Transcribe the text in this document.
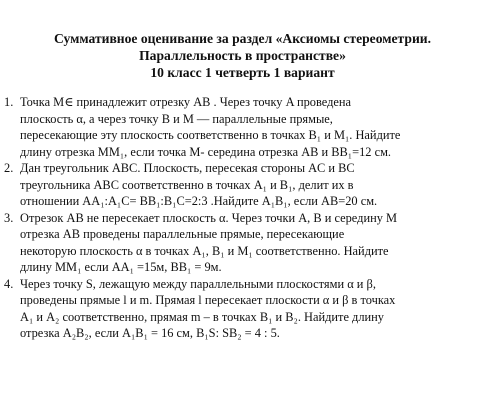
Суммативное оценивание за раздел «Аксиомы стереометрии.
Параллельность в пространстве»
10 класс 1 четверть 1 вариант
1. Точка M∈ принадлежит отрезку AB . Через точку A проведена
плоскость α, а через точку B и M — параллельные прямые,
пересекающие эту плоскость соответственно в точках B₁ и M₁. Найдите
длину отрезка MM₁, если точка M- середина отрезка AB и BB₁=12 см.
2. Дан треугольник ABC. Плоскость, пересекая стороны AC и BC
треугольника ABC соответственно в точках A₁ и B₁, делит их в
отношении AA₁:A₁C= BB₁:B₁C=2:3 .Найдите A₁B₁, если AB=20 см.
3. Отрезок AB не пересекает плоскость α. Через точки A, B и середину M
отрезка AB проведены параллельные прямые, пересекающие
некоторую плоскость α в точках A₁, B₁ и M₁ соответственно. Найдите
длину MM₁ если AA₁ =15м, BB₁ = 9м.
4. Через точку S, лежащую между параллельными плоскостями α и β,
проведены прямые l и m. Прямая l пересекает плоскости α и β в точках
A₁ и A₂ соответственно, прямая m – в точках B₁ и B₂. Найдите длину
отрезка A₂B₂, если A₁B₁ = 16 см, B₁S: SB₂ = 4 : 5.
